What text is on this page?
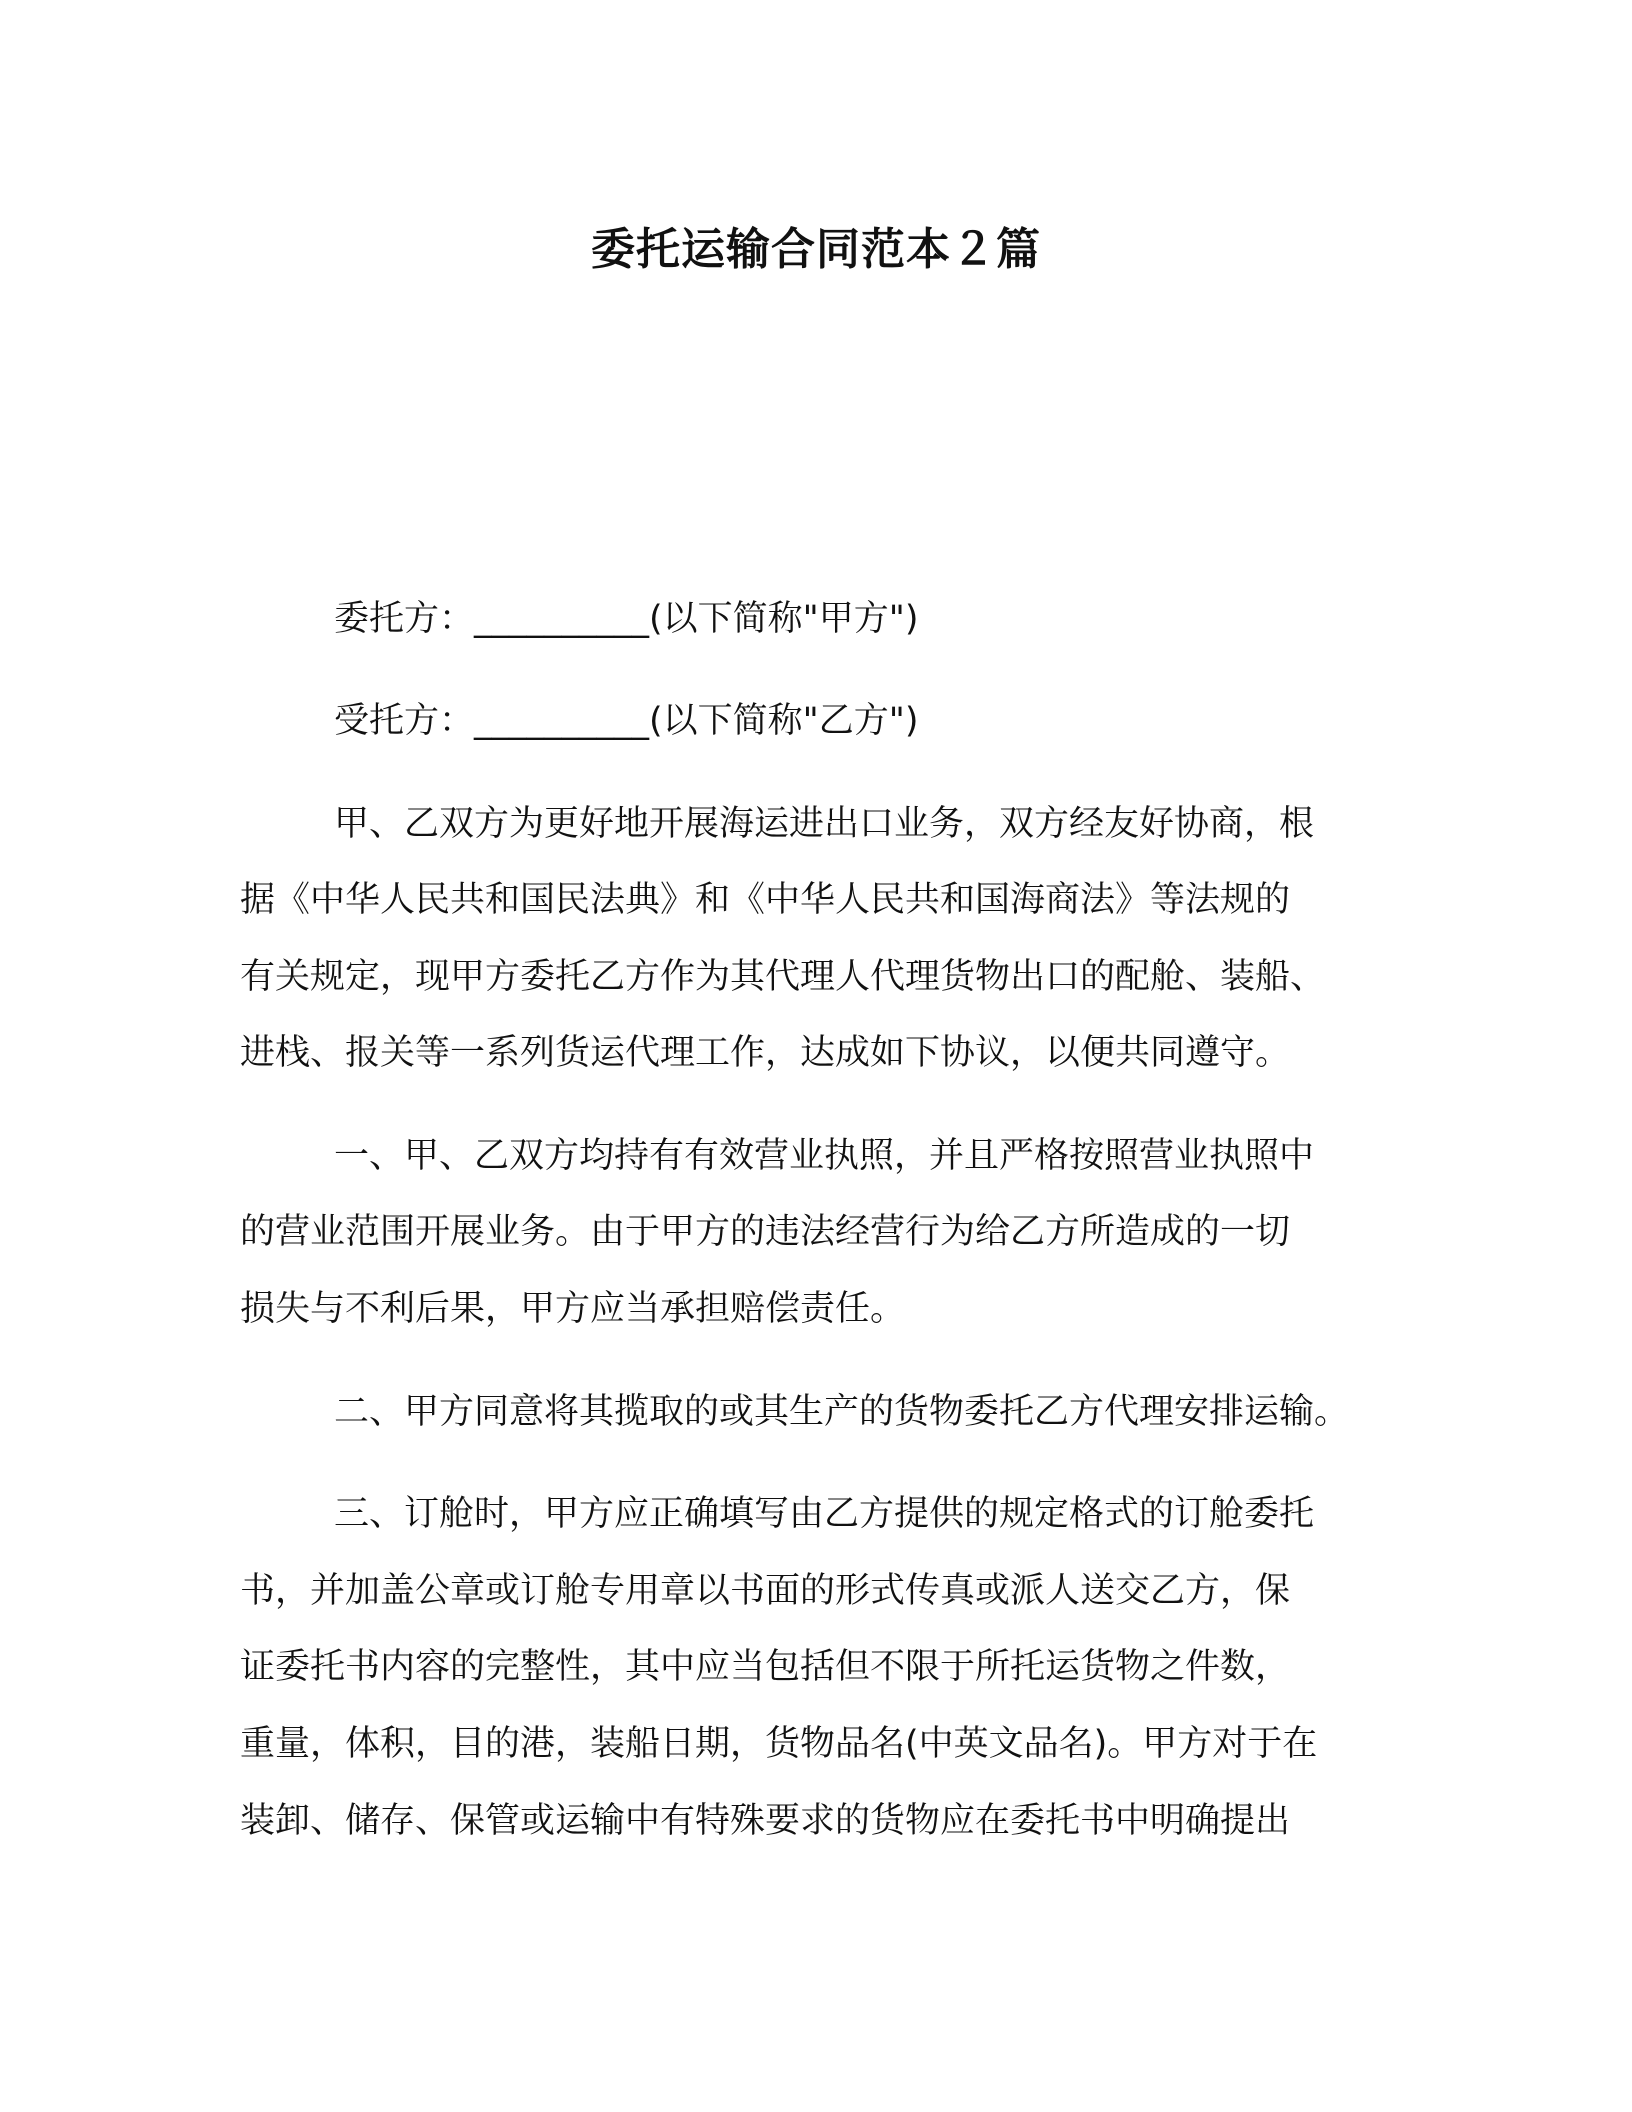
委托运输合同范本２篇
委托方：__________(以下简称"甲方")
受托方：__________(以下简称"乙方")
甲、乙双方为更好地开展海运进出口业务，双方经友好协商，根
据《中华人民共和国民法典》和《中华人民共和国海商法》等法规的
有关规定，现甲方委托乙方作为其代理人代理货物出口的配舱、装船、
进栈、报关等一系列货运代理工作，达成如下协议，以便共同遵守。
一、甲、乙双方均持有有效营业执照，并且严格按照营业执照中
的营业范围开展业务。由于甲方的违法经营行为给乙方所造成的一切
损失与不利后果，甲方应当承担赔偿责任。
二、甲方同意将其揽取的或其生产的货物委托乙方代理安排运输。
三、订舱时，甲方应正确填写由乙方提供的规定格式的订舱委托
书，并加盖公章或订舱专用章以书面的形式传真或派人送交乙方，保
证委托书内容的完整性，其中应当包括但不限于所托运货物之件数，
重量，体积，目的港，装船日期，货物品名(中英文品名)。甲方对于在
装卸、储存、保管或运输中有特殊要求的货物应在委托书中明确提出
